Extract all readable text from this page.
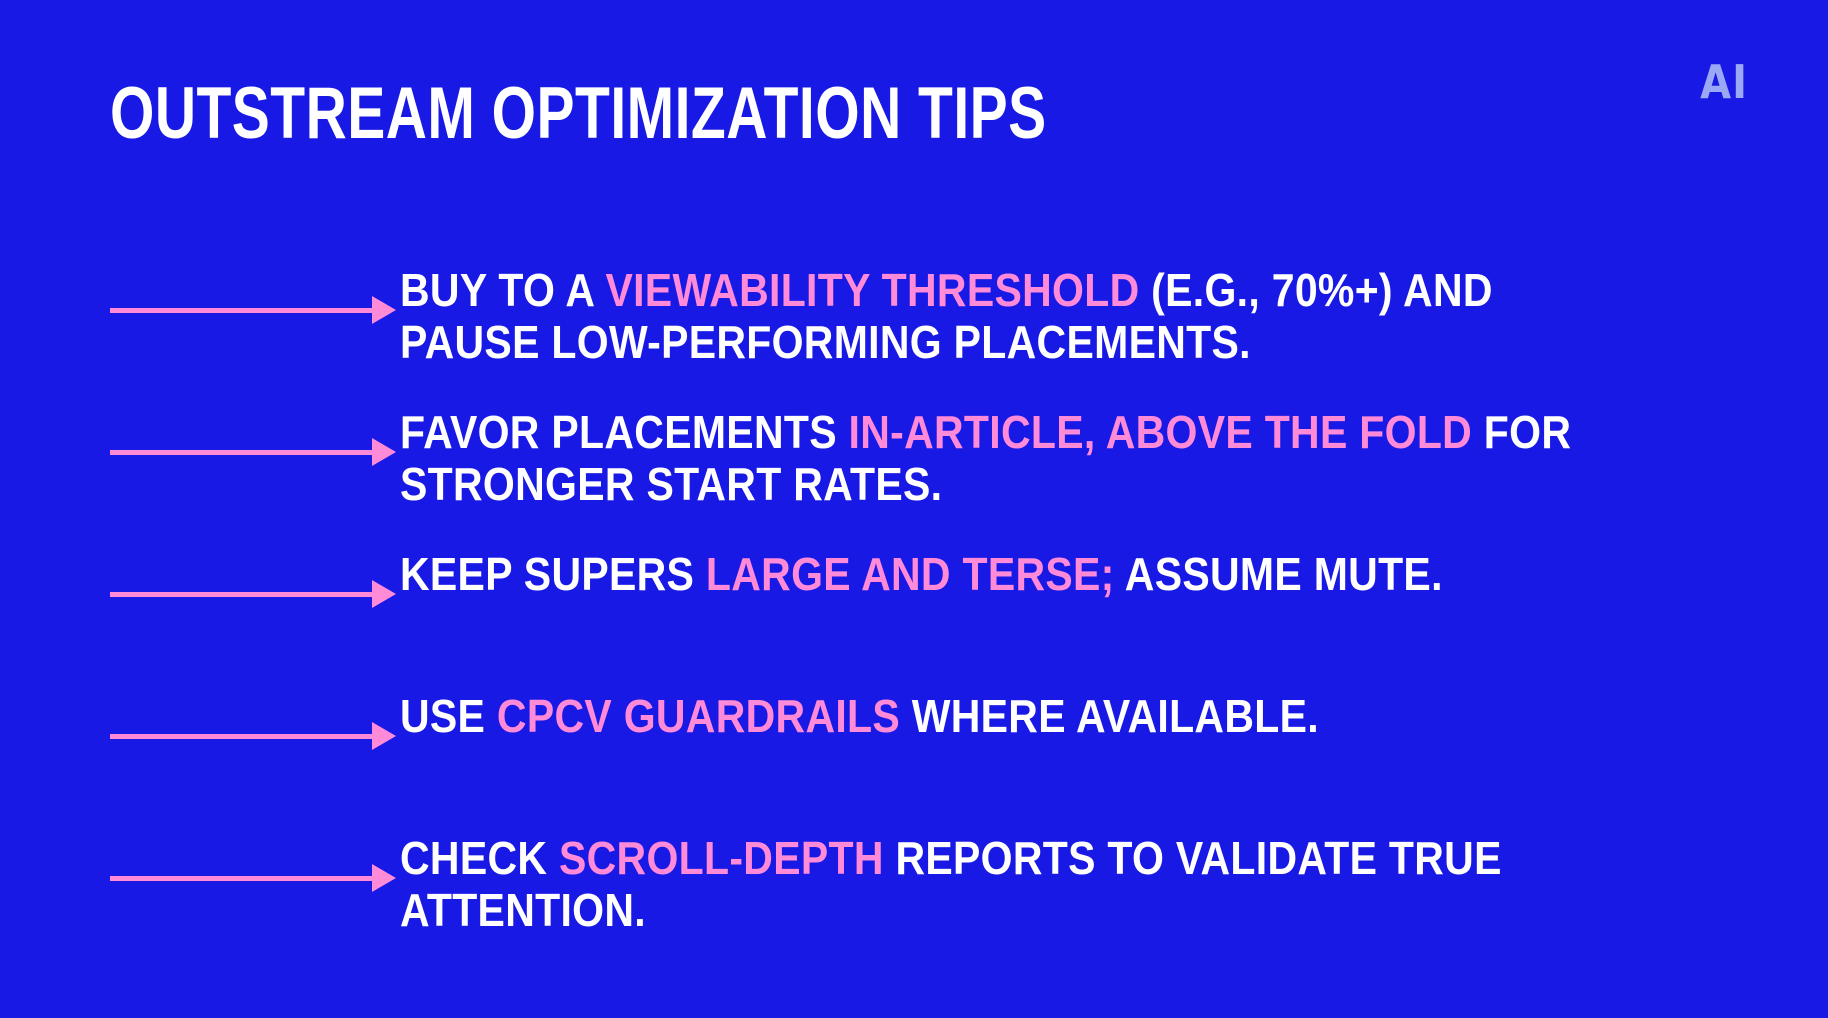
AI
OUTSTREAM OPTIMIZATION TIPS
BUY TO A VIEWABILITY THRESHOLD (E.G., 70%+) AND PAUSE LOW-PERFORMING PLACEMENTS.
FAVOR PLACEMENTS IN-ARTICLE, ABOVE THE FOLD FOR STRONGER START RATES.
KEEP SUPERS LARGE AND TERSE; ASSUME MUTE.
USE CPCV GUARDRAILS WHERE AVAILABLE.
CHECK SCROLL-DEPTH REPORTS TO VALIDATE TRUE ATTENTION.
